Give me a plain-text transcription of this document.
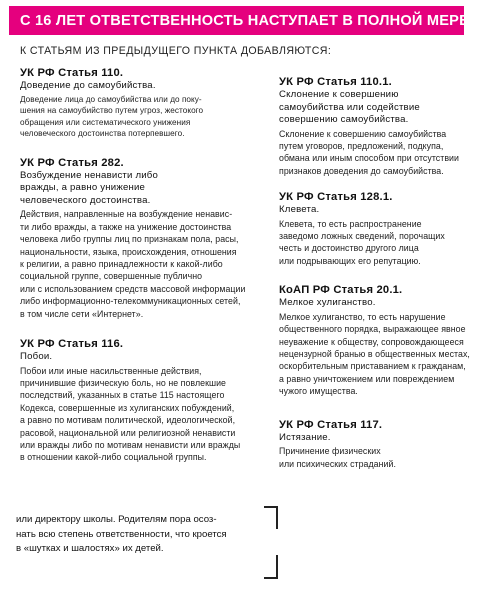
С 16 ЛЕТ ОТВЕТСТВЕННОСТЬ НАСТУПАЕТ В ПОЛНОЙ МЕРЕ.
К СТАТЬЯМ ИЗ ПРЕДЫДУЩЕГО ПУНКТА ДОБАВЛЯЮТСЯ:
УК РФ Статья 110.
Доведение до самоубийства.
Доведение лица до самоубийства или до поку-
шения на самоубийство путем угроз, жестокого
обращения или систематического унижения
человеческого достоинства потерпевшего.
УК РФ Статья 282.
Возбуждение ненависти либо
вражды, а равно унижение
человеческого достоинства.
Действия, направленные на возбуждение ненавис-
ти либо вражды, а также на унижение достоинства
человека либо группы лиц по признакам пола, расы,
национальности, языка, происхождения, отношения
к религии, а равно принадлежности к какой-либо
социальной группе, совершенные публично
или с использованием средств массовой информации
либо информационно-телекоммуникационных сетей,
в том числе сети «Интернет».
УК РФ Статья 116.
Побои.
Побои или иные насильственные действия,
причинившие физическую боль, но не повлекшие
последствий, указанных в статье 115 настоящего
Кодекса, совершенные из хулиганских побуждений,
а равно по мотивам политической, идеологической,
расовой, национальной или религиозной ненависти
или вражды либо по мотивам ненависти или вражды
в отношении какой-либо социальной группы.
УК РФ Статья 110.1.
Склонение к совершению
самоубийства или содействие
совершению самоубийства.
Склонение к совершению самоубийства
путем уговоров, предложений, подкупа,
обмана или иным способом при отсутствии
признаков доведения до самоубийства.
УК РФ Статья 128.1.
Клевета.
Клевета, то есть распространение
заведомо ложных сведений, порочащих
честь и достоинство другого лица
или подрывающих его репутацию.
КоАП РФ Статья 20.1.
Мелкое хулиганство.
Мелкое хулиганство, то есть нарушение
общественного порядка, выражающее явное
неуважение к обществу, сопровождающееся
нецензурной бранью в общественных местах,
оскорбительным приставанием к гражданам,
а равно уничтожением или повреждением
чужого имущества.
УК РФ Статья 117.
Истязание.
Причинение физических
или психических страданий.
или директору школы. Родителям пора осоз-
нать всю степень ответственности, что кроется
в «шутках и шалостях» их детей.
